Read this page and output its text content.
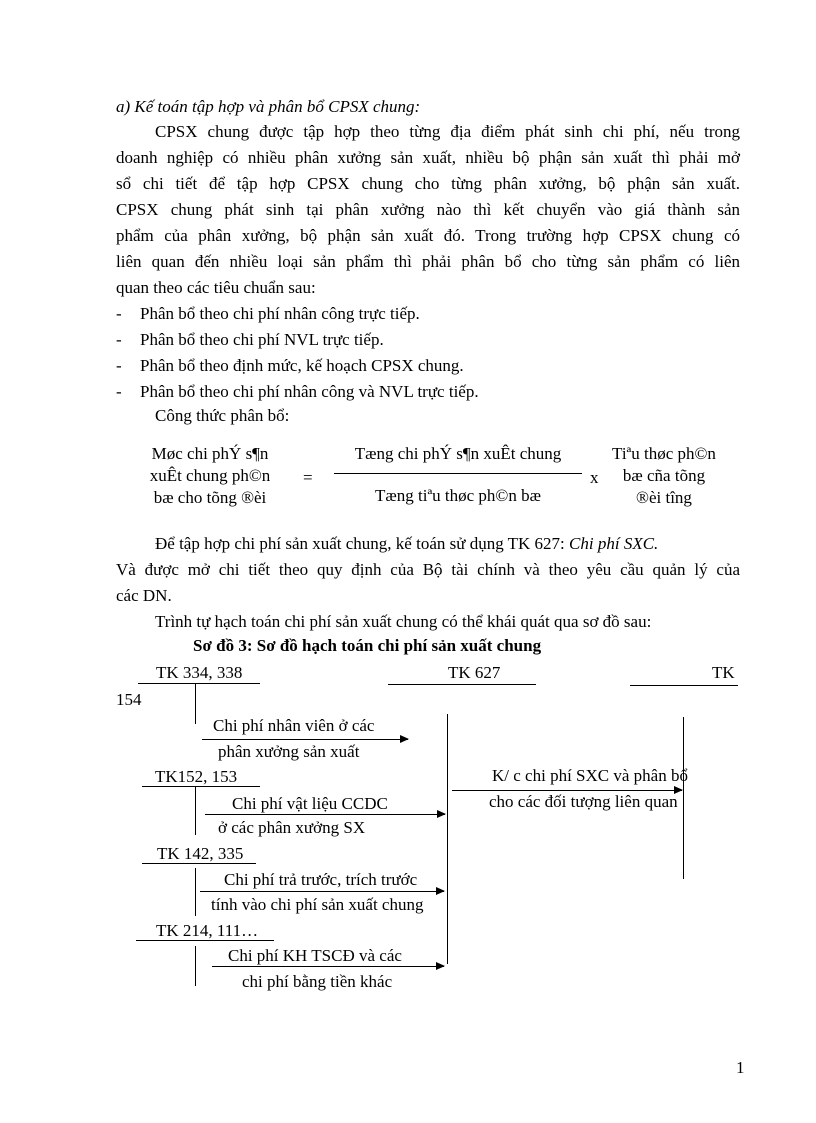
a) Kế toán tập hợp và phân bổ CPSX chung:
CPSX chung được tập hợp theo từng địa điểm phát sinh chi phí, nếu trong
doanh nghiệp có nhiều phân xưởng sản xuất, nhiều bộ phận sản xuất thì phải mở
sổ chi tiết để tập hợp CPSX chung cho từng phân xưởng, bộ phận sản xuất.
CPSX chung phát sinh tại phân xưởng nào thì kết chuyển vào giá thành sản
phẩm của phân xưởng, bộ phận sản xuất đó. Trong trường hợp CPSX chung có
liên quan đến nhiều loại sản phẩm thì phải phân bổ cho từng sản phẩm có liên
quan theo các tiêu chuẩn sau:
- Phân bổ theo chi phí nhân công trực tiếp.
- Phân bổ theo chi phí NVL trực tiếp.
- Phân bổ theo định mức, kế hoạch CPSX chung.
- Phân bổ theo chi phí nhân công và NVL trực tiếp.
Công thức phân bổ:
Møc chi phÝ s¶n
xuÊt chung ph©n
bæ cho tõng ®èi
=
Tæng chi phÝ s¶n xuÊt chung
Tæng tiªu thøc ph©n bæ
x
Tiªu thøc ph©n
bæ cña tõng
®èi tîng
Để tập hợp chi phí sản xuất chung, kế toán sử dụng TK 627: Chi phí SXC.
Và được mở chi tiết theo quy định của Bộ tài chính và theo yêu cầu quản lý của
các DN.
Trình tự hạch toán chi phí sản xuất chung có thể khái quát qua sơ đồ sau:
Sơ đồ 3: Sơ đồ hạch toán chi phí sản xuất chung
TK 334, 338	TK 627	TK
154
Chi phí nhân viên ở các
phân xưởng sản xuất
TK152, 153
Chi phí vật liệu CCDC
ở các phân xưởng SX
K/ c chi phí SXC và phân bổ
cho các đối tượng liên quan
TK 142, 335
Chi phí trả trước, trích trước
tính vào chi phí sản xuất chung
TK 214, 111…
Chi phí KH TSCĐ và các
chi phí bằng tiền khác
1
